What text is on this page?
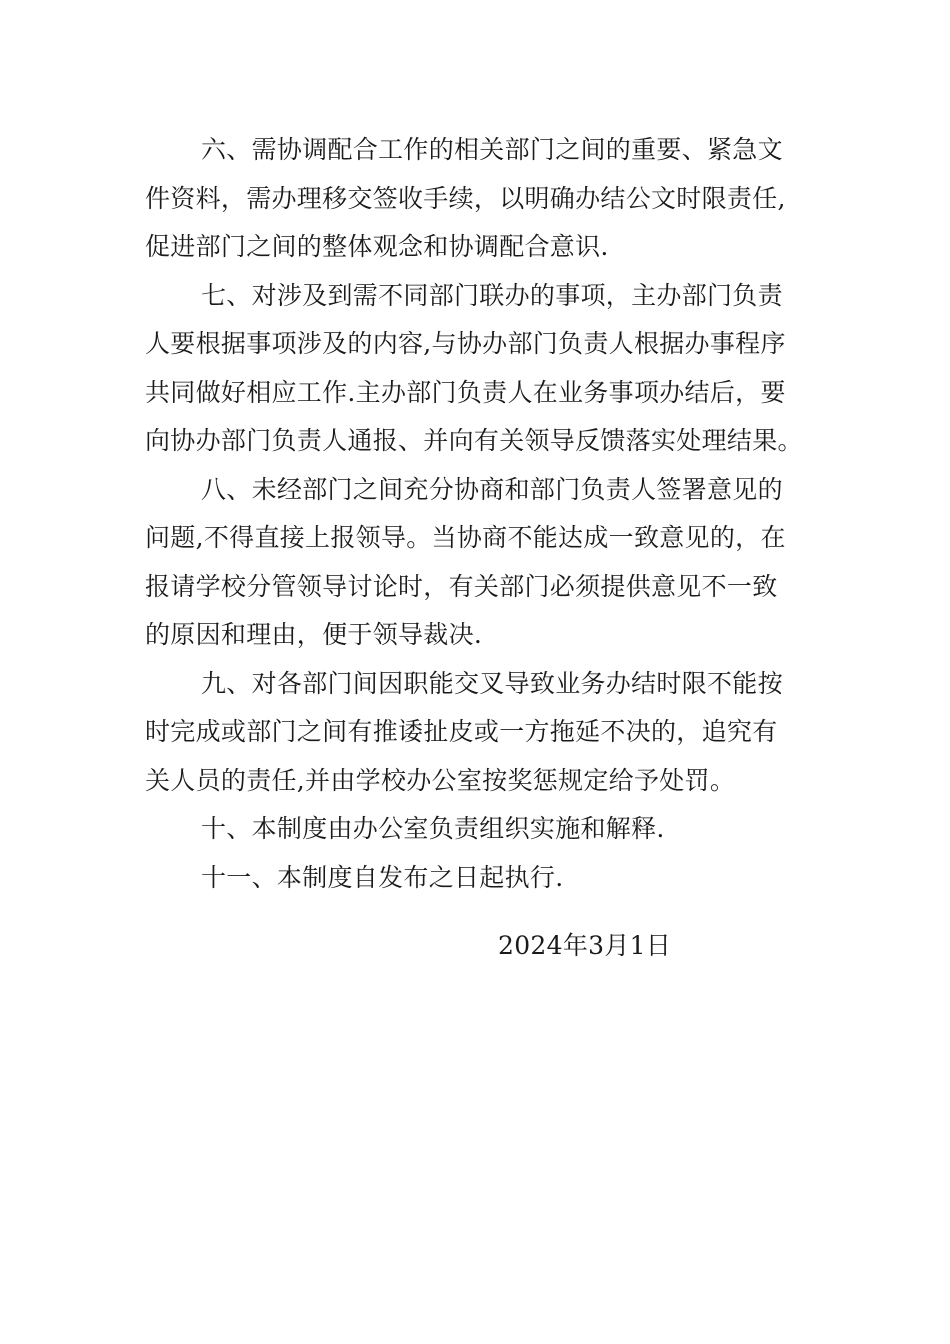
六、需协调配合工作的相关部门之间的重要、紧急文
件资料，需办理移交签收手续，以明确办结公文时限责任,
促进部门之间的整体观念和协调配合意识.
七、对涉及到需不同部门联办的事项，主办部门负责
人要根据事项涉及的内容,与协办部门负责人根据办事程序
共同做好相应工作.主办部门负责人在业务事项办结后，要
向协办部门负责人通报、并向有关领导反馈落实处理结果。
八、未经部门之间充分协商和部门负责人签署意见的
问题,不得直接上报领导。当协商不能达成一致意见的，在
报请学校分管领导讨论时，有关部门必须提供意见不一致
的原因和理由，便于领导裁决.
九、对各部门间因职能交叉导致业务办结时限不能按
时完成或部门之间有推诿扯皮或一方拖延不决的，追究有
关人员的责任,并由学校办公室按奖惩规定给予处罚。
十、本制度由办公室负责组织实施和解释.
十一、本制度自发布之日起执行.
2024年3月1日
